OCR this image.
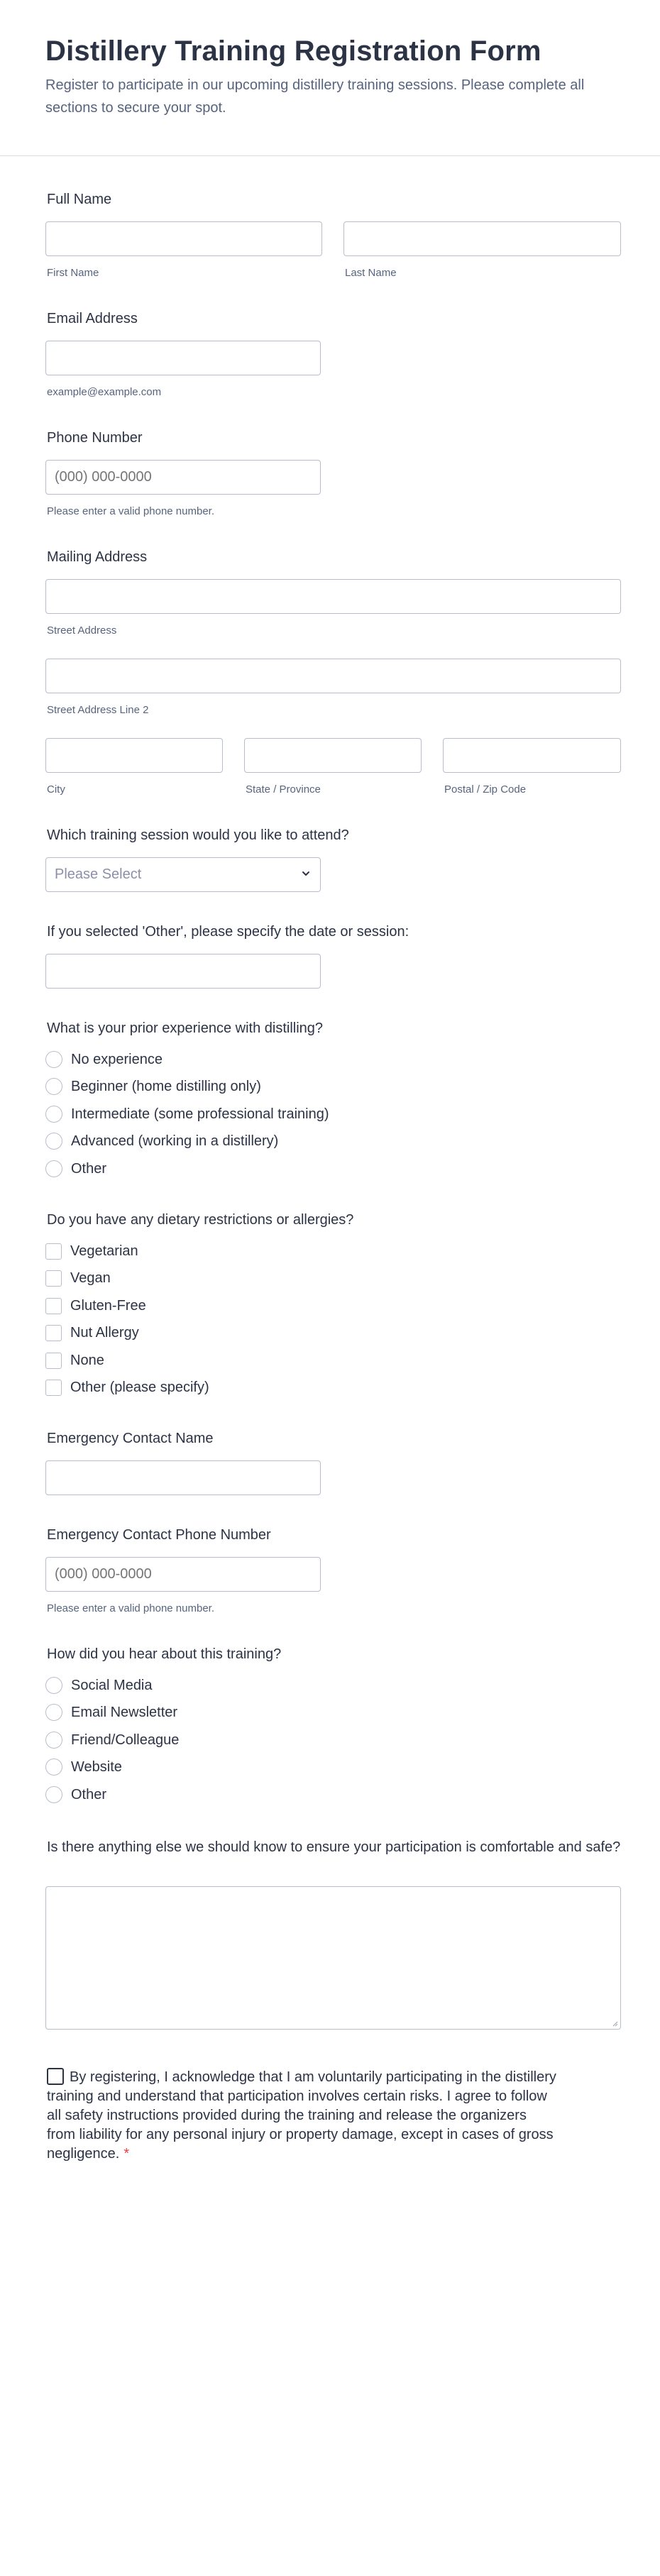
Distillery Training Registration Form

Register to participate in our upcoming distillery training sessions. Please complete all sections to secure your spot.

Full Name
First Name	Last Name
Email Address
example@example.com
Phone Number
(000) 000-0000
Please enter a valid phone number.
Mailing Address
Street Address
Street Address Line 2
City	State / Province	Postal / Zip Code
Which training session would you like to attend?
Please Select
If you selected 'Other', please specify the date or session:
What is your prior experience with distilling?
No experience
Beginner (home distilling only)
Intermediate (some professional training)
Advanced (working in a distillery)
Other
Do you have any dietary restrictions or allergies?
Vegetarian
Vegan
Gluten-Free
Nut Allergy
None
Other (please specify)
Emergency Contact Name
Emergency Contact Phone Number
(000) 000-0000
Please enter a valid phone number.
How did you hear about this training?
Social Media
Email Newsletter
Friend/Colleague
Website
Other
Is there anything else we should know to ensure your participation is comfortable and safe?
By registering, I acknowledge that I am voluntarily participating in the distillery training and understand that participation involves certain risks. I agree to follow all safety instructions provided during the training and release the organizers from liability for any personal injury or property damage, except in cases of gross negligence. *
